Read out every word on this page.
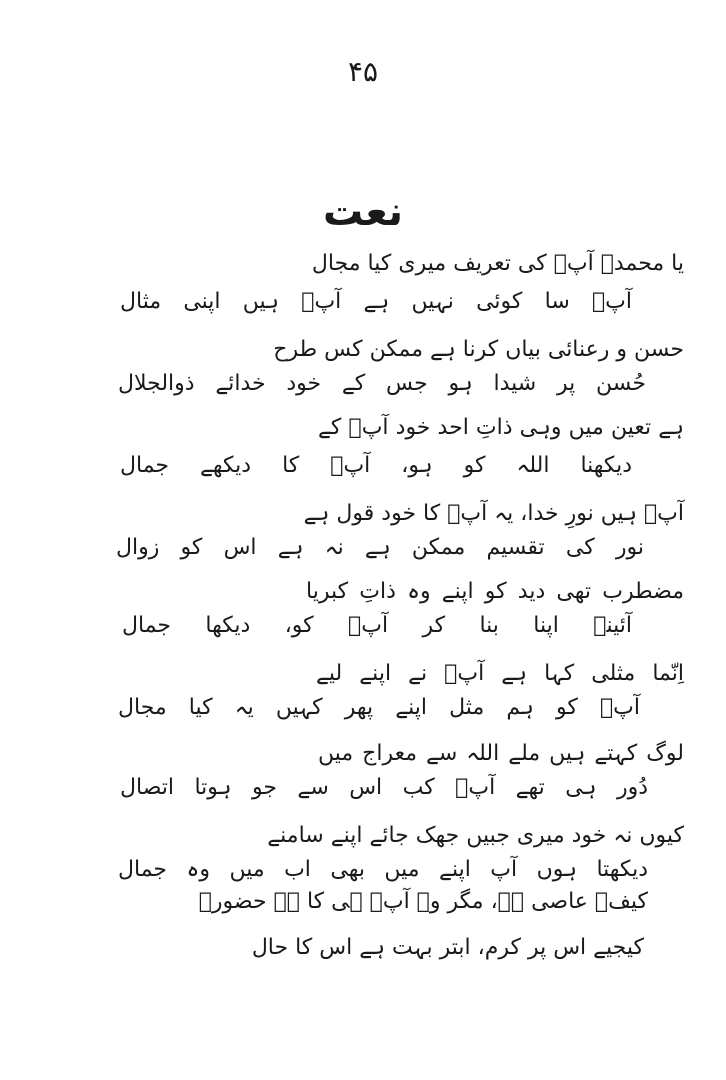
۴۵
نعت
یا محمدؐ آپؐ کی تعریف میری کیا مجال
آپؐ سا کوئی نہیں ہے آپؐ ہیں اپنی مثال
حسن و رعنائی بیاں کرنا ہے ممکن کس طرح
حُسن پر شیدا ہو جس کے خود خدائے ذوالجلال
ہے تعین میں وہی ذاتِ احد خود آپؐ کے
دیکھنا اللہ کو ہو، آپؐ کا دیکھے جمال
آپؐ ہیں نورِ خدا، یہ آپؐ کا خود قول ہے
نور کی تقسیم ممکن ہے نہ ہے اس کو زوال
مضطرب تھی دید کو اپنے وہ ذاتِ کبریا
آئینہ اپنا بنا کر آپؐ کو، دیکھا جمال
اِنّما مثلی کہا ہے آپؐ نے اپنے لیے
آپؐ کو ہم مثل اپنے پھر کہیں یہ کیا مجال
لوگ کہتے ہیں ملے اللہ سے معراج میں
دُور ہی تھے آپؐ کب اس سے جو ہوتا اتصال
کیوں نہ خود میری جبیں جھک جائے اپنے سامنے
دیکھتا ہوں آپ اپنے میں بھی اب میں وہ جمال
کیفؔ عاصی ہے، مگر وہ آپؐ ہی کا ہے حضورؐ
کیجیے اس پر کرم، ابتر بہت ہے اس کا حال
